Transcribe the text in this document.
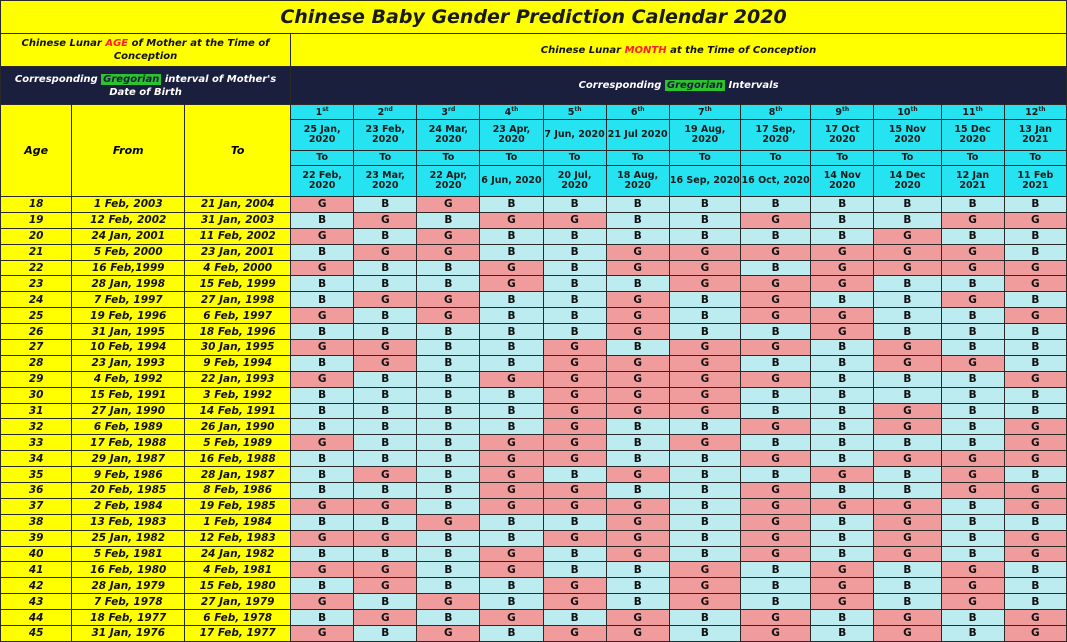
Chinese Baby Gender Prediction Calendar 2020														

Chinese Lunar AGE of Mother at the Time of Conception			Chinese Lunar MONTH at the Time of Conception											

Corresponding Gregorian interval of Mother's Date of Birth			Corresponding Gregorian Intervals											

Age	From	To	1st	2nd	3rd	4th	5th	6th	7th	8th	9th	10th	11th	12th
			25 Jan, 2020	23 Feb, 2020	24 Mar, 2020	23 Apr, 2020	7 Jun, 2020	21 Jul 2020	19 Aug, 2020	17 Sep, 2020	17 Oct 2020	15 Nov 2020	15 Dec 2020	13 Jan 2021
			To	To	To	To	To	To	To	To	To	To	To	To
			22 Feb, 2020	23 Mar, 2020	22 Apr, 2020	6 Jun, 2020	20 Jul, 2020	18 Aug, 2020	16 Sep, 2020	16 Oct, 2020	14 Nov 2020	14 Dec 2020	12 Jan 2021	11 Feb 2021
18	1 Feb, 2003	21 Jan, 2004	G	B	G	B	B	B	B	B	B	B	B	B
19	12 Feb, 2002	31 Jan, 2003	B	G	B	G	G	B	B	G	B	B	G	G
20	24 Jan, 2001	11 Feb, 2002	G	B	G	B	B	B	B	B	B	G	B	B
21	5 Feb, 2000	23 Jan, 2001	B	G	G	B	B	G	G	G	G	G	G	B
22	16 Feb,1999	4 Feb, 2000	G	B	B	G	B	G	G	B	G	G	G	G
23	28 Jan, 1998	15 Feb, 1999	B	B	B	G	B	B	G	G	G	B	B	G
24	7 Feb, 1997	27 Jan, 1998	B	G	G	B	B	G	B	G	B	B	G	B
25	19 Feb, 1996	6 Feb, 1997	G	B	G	B	B	G	B	G	G	B	B	G
26	31 Jan, 1995	18 Feb, 1996	B	B	B	B	B	G	B	B	G	B	B	B
27	10 Feb, 1994	30 Jan, 1995	G	G	B	B	G	B	G	G	B	G	B	B
28	23 Jan, 1993	9 Feb, 1994	B	G	B	B	G	G	G	B	B	G	G	B
29	4 Feb, 1992	22 Jan, 1993	G	B	B	G	G	G	G	G	B	B	B	G
30	15 Feb, 1991	3 Feb, 1992	B	B	B	B	G	G	G	B	B	B	B	B
31	27 Jan, 1990	14 Feb, 1991	B	B	B	B	G	G	G	B	B	G	B	B
32	6 Feb, 1989	26 Jan, 1990	B	B	B	B	G	B	B	G	B	G	B	G
33	17 Feb, 1988	5 Feb, 1989	G	B	B	G	G	B	G	B	B	B	B	G
34	29 Jan, 1987	16 Feb, 1988	B	B	B	G	G	B	B	G	B	G	G	G
35	9 Feb, 1986	28 Jan, 1987	B	G	B	G	B	G	B	B	G	B	G	B
36	20 Feb, 1985	8 Feb, 1986	B	B	B	G	G	B	B	G	B	B	G	G
37	2 Feb, 1984	19 Feb, 1985	G	G	B	G	G	G	B	G	G	G	B	G
38	13 Feb, 1983	1 Feb, 1984	B	B	G	B	B	G	B	G	B	G	B	B
39	25 Jan, 1982	12 Feb, 1983	G	G	B	B	G	G	B	G	B	G	B	G
40	5 Feb, 1981	24 Jan, 1982	B	B	B	G	B	G	B	G	B	G	B	G
41	16 Feb, 1980	4 Feb, 1981	G	G	B	G	B	B	G	B	G	B	G	B
42	28 Jan, 1979	15 Feb, 1980	B	G	B	B	G	B	G	B	G	B	G	B
43	7 Feb, 1978	27 Jan, 1979	G	B	G	B	G	B	G	B	G	B	G	B
44	18 Feb, 1977	6 Feb, 1978	B	G	B	G	B	G	B	G	B	G	B	G
45	31 Jan, 1976	17 Feb, 1977	G	B	G	B	G	G	B	G	B	G	B	G
